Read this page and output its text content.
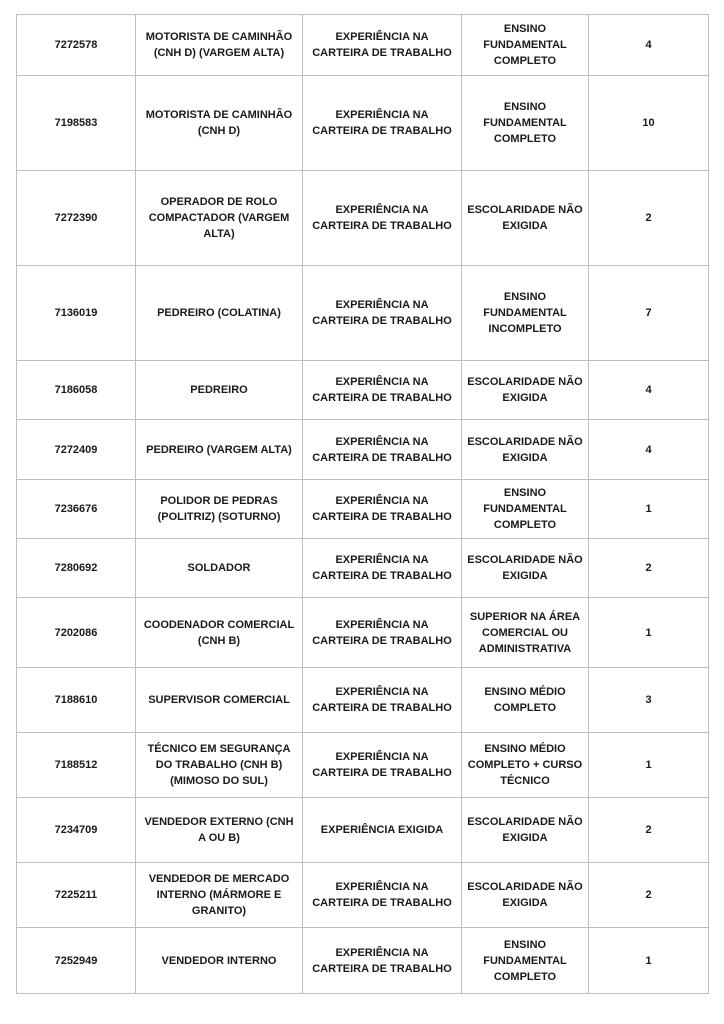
7272578	MOTORISTA DE CAMINHÃO (CNH D) (VARGEM ALTA)	EXPERIÊNCIA NA CARTEIRA DE TRABALHO	ENSINO FUNDAMENTAL COMPLETO	4
7198583	MOTORISTA DE CAMINHÃO (CNH D)	EXPERIÊNCIA NA CARTEIRA DE TRABALHO	ENSINO FUNDAMENTAL COMPLETO	10
7272390	OPERADOR DE ROLO COMPACTADOR (VARGEM ALTA)	EXPERIÊNCIA NA CARTEIRA DE TRABALHO	ESCOLARIDADE NÃO EXIGIDA	2
7136019	PEDREIRO (COLATINA)	EXPERIÊNCIA NA CARTEIRA DE TRABALHO	ENSINO FUNDAMENTAL INCOMPLETO	7
7186058	PEDREIRO	EXPERIÊNCIA NA CARTEIRA DE TRABALHO	ESCOLARIDADE NÃO EXIGIDA	4
7272409	PEDREIRO (VARGEM ALTA)	EXPERIÊNCIA NA CARTEIRA DE TRABALHO	ESCOLARIDADE NÃO EXIGIDA	4
7236676	POLIDOR DE PEDRAS (POLITRIZ) (SOTURNO)	EXPERIÊNCIA NA CARTEIRA DE TRABALHO	ENSINO FUNDAMENTAL COMPLETO	1
7280692	SOLDADOR	EXPERIÊNCIA NA CARTEIRA DE TRABALHO	ESCOLARIDADE NÃO EXIGIDA	2
7202086	COODENADOR COMERCIAL (CNH B)	EXPERIÊNCIA NA CARTEIRA DE TRABALHO	SUPERIOR NA ÁREA COMERCIAL OU ADMINISTRATIVA	1
7188610	SUPERVISOR COMERCIAL	EXPERIÊNCIA NA CARTEIRA DE TRABALHO	ENSINO MÉDIO COMPLETO	3
7188512	TÉCNICO EM SEGURANÇA DO TRABALHO (CNH B) (MIMOSO DO SUL)	EXPERIÊNCIA NA CARTEIRA DE TRABALHO	ENSINO MÉDIO COMPLETO + CURSO TÉCNICO	1
7234709	VENDEDOR EXTERNO (CNH A OU B)	EXPERIÊNCIA EXIGIDA	ESCOLARIDADE NÃO EXIGIDA	2
7225211	VENDEDOR DE MERCADO INTERNO (MÁRMORE E GRANITO)	EXPERIÊNCIA NA CARTEIRA DE TRABALHO	ESCOLARIDADE NÃO EXIGIDA	2
7252949	VENDEDOR INTERNO	EXPERIÊNCIA NA CARTEIRA DE TRABALHO	ENSINO FUNDAMENTAL COMPLETO	1
